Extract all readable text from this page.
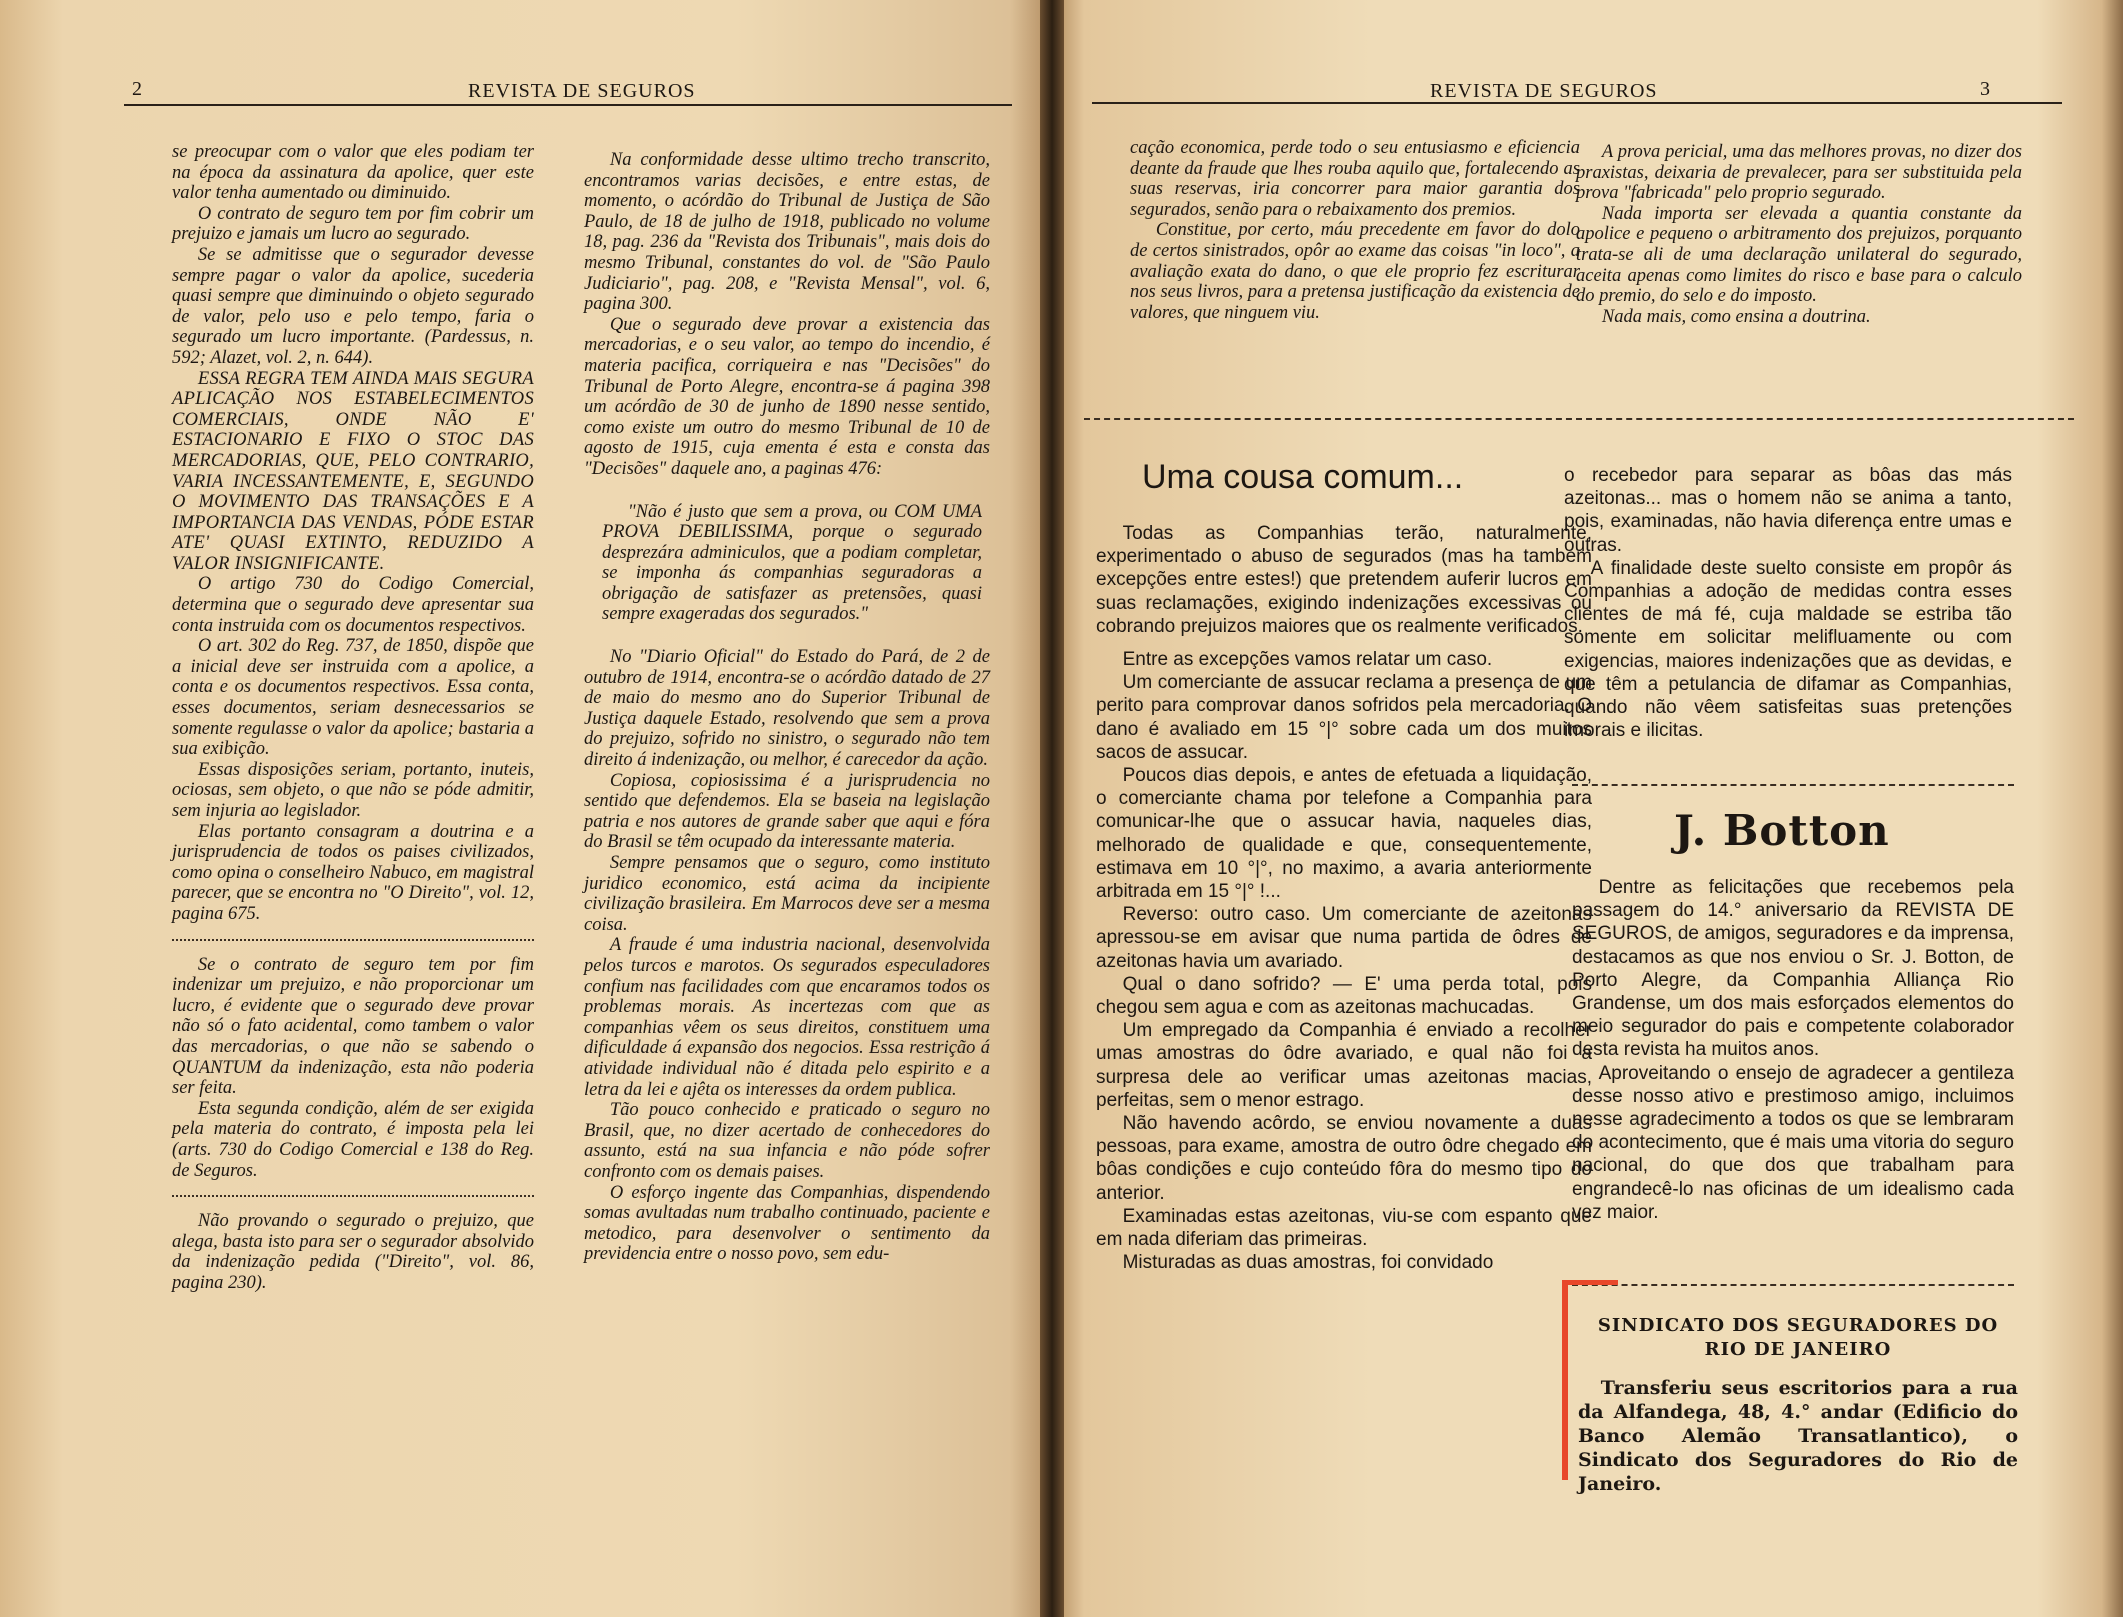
2	REVISTA DE SEGUROS

se preocupar com o valor que eles podiam ter na época da assinatura da apolice, quer este valor tenha aumentado ou diminuido.

O contrato de seguro tem por fim cobrir um prejuizo e jamais um lucro ao segurado.

Se se admitisse que o segurador devesse sempre pagar o valor da apolice, sucederia quasi sempre que diminuindo o objeto segurado de valor, pelo uso e pelo tempo, faria o segurado um lucro importante. (Pardessus, n. 592; Alazet, vol. 2, n. 644).

ESSA REGRA TEM AINDA MAIS SEGURA APLICAÇÃO NOS ESTABELECIMENTOS COMERCIAIS, ONDE NÃO E' ESTACIONARIO E FIXO O STOC DAS MERCADORIAS, QUE, PELO CONTRARIO, VARIA INCESSANTEMENTE, E, SEGUNDO O MOVIMENTO DAS TRANSAÇÕES E A IMPORTANCIA DAS VENDAS, PÓDE ESTAR ATE' QUASI EXTINTO, REDUZIDO A VALOR INSIGNIFICANTE.

O artigo 730 do Codigo Comercial, determina que o segurado deve apresentar sua conta instruida com os documentos respectivos.

O art. 302 do Reg. 737, de 1850, dispõe que a inicial deve ser instruida com a apolice, a conta e os documentos respectivos. Essa conta, esses documentos, seriam desnecessarios se somente regulasse o valor da apolice; bastaria a sua exibição.

Essas disposições seriam, portanto, inuteis, ociosas, sem objeto, o que não se póde admitir, sem injuria ao legislador.

Elas portanto consagram a doutrina e a jurisprudencia de todos os paises civilizados, como opina o conselheiro Nabuco, em magistral parecer, que se encontra no "O Direito", vol. 12, pagina 675.

Se o contrato de seguro tem por fim indenizar um prejuizo, e não proporcionar um lucro, é evidente que o segurado deve provar não só o fato acidental, como tambem o valor das mercadorias, o que não se sabendo o QUANTUM da indenização, esta não poderia ser feita.

Esta segunda condição, além de ser exigida pela materia do contrato, é imposta pela lei (arts. 730 do Codigo Comercial e 138 do Reg. de Seguros.

Não provando o segurado o prejuizo, que alega, basta isto para ser o segurador absolvido da indenização pedida ("Direito", vol. 86, pagina 230).

Na conformidade desse ultimo trecho transcrito, encontramos varias decisões, e entre estas, de momento, o acórdão do Tribunal de Justiça de São Paulo, de 18 de julho de 1918, publicado no volume 18, pag. 236 da "Revista dos Tribunais", mais dois do mesmo Tribunal, constantes do vol. de "São Paulo Judiciario", pag. 208, e "Revista Mensal", vol. 6, pagina 300.

Que o segurado deve provar a existencia das mercadorias, e o seu valor, ao tempo do incendio, é materia pacifica, corriqueira e nas "Decisões" do Tribunal de Porto Alegre, encontra-se á pagina 398 um acórdão de 30 de junho de 1890 nesse sentido, como existe um outro do mesmo Tribunal de 10 de agosto de 1915, cuja ementa é esta e consta das "Decisões" daquele ano, a paginas 476:

"Não é justo que sem a prova, ou COM UMA PROVA DEBILISSIMA, porque o segurado desprezára adminiculos, que a podiam completar, se imponha ás companhias seguradoras a obrigação de satisfazer as pretensões, quasi sempre exageradas dos segurados."

No "Diario Oficial" do Estado do Pará, de 2 de outubro de 1914, encontra-se o acórdão datado de 27 de maio do mesmo ano do Superior Tribunal de Justiça daquele Estado, resolvendo que sem a prova do prejuizo, sofrido no sinistro, o segurado não tem direito á indenização, ou melhor, é carecedor da ação.

Copiosa, copiosissima é a jurisprudencia no sentido que defendemos. Ela se baseia na legislação patria e nos autores de grande saber que aqui e fóra do Brasil se têm ocupado da interessante materia.

Sempre pensamos que o seguro, como instituto juridico economico, está acima da incipiente civilização brasileira. Em Marrocos deve ser a mesma coisa.

A fraude é uma industria nacional, desenvolvida pelos turcos e marotos. Os segurados especuladores confium nas facilidades com que encaramos todos os problemas morais. As incertezas com que as companhias vêem os seus direitos, constituem uma dificuldade á expansão dos negocios. Essa restrição á atividade individual não é ditada pelo espirito e a letra da lei e ajêta os interesses da ordem publica.

Tão pouco conhecido e praticado o seguro no Brasil, que, no dizer acertado de conhecedores do assunto, está na sua infancia e não póde sofrer confronto com os demais paises.

O esforço ingente das Companhias, dispendendo somas avultadas num trabalho continuado, paciente e metodico, para desenvolver o sentimento da previdencia entre o nosso povo, sem edu-

REVISTA DE SEGUROS	3

cação economica, perde todo o seu entusiasmo e eficiencia deante da fraude que lhes rouba aquilo que, fortalecendo as suas reservas, iria concorrer para maior garantia dos segurados, senão para o rebaixamento dos premios.

Constitue, por certo, máu precedente em favor do dolo de certos sinistrados, opôr ao exame das coisas "in loco", a avaliação exata do dano, o que ele proprio fez escriturar nos seus livros, para a pretensa justificação da existencia de valores, que ninguem viu.

A prova pericial, uma das melhores provas, no dizer dos praxistas, deixaria de prevalecer, para ser substituida pela prova "fabricada" pelo proprio segurado.

Nada importa ser elevada a quantia constante da apolice e pequeno o arbitramento dos prejuizos, porquanto trata-se ali de uma declaração unilateral do segurado, aceita apenas como limites do risco e base para o calculo do premio, do selo e do imposto.

Nada mais, como ensina a doutrina.

Uma cousa comum...

Todas as Companhias terão, naturalmente, experimentado o abuso de segurados (mas ha tambem excepções entre estes!) que pretendem auferir lucros em suas reclamações, exigindo indenizações excessivas ou cobrando prejuizos maiores que os realmente verificados.

Entre as excepções vamos relatar um caso.

Um comerciante de assucar reclama a presença de um perito para comprovar danos sofridos pela mercadoria. O dano é avaliado em 15 °|° sobre cada um dos muitos sacos de assucar.

Poucos dias depois, e antes de efetuada a liquidação, o comerciante chama por telefone a Companhia para comunicar-lhe que o assucar havia, naqueles dias, melhorado de qualidade e que, consequentemente, estimava em 10 °|°, no maximo, a avaria anteriormente arbitrada em 15 °|° !...

Reverso: outro caso. Um comerciante de azeitonas apressou-se em avisar que numa partida de ôdres de azeitonas havia um avariado.

Qual o dano sofrido? — E' uma perda total, pois chegou sem agua e com as azeitonas machucadas.

Um empregado da Companhia é enviado a recolher umas amostras do ôdre avariado, e qual não foi a surpresa dele ao verificar umas azeitonas macias, perfeitas, sem o menor estrago.

Não havendo acôrdo, se enviou novamente a duas pessoas, para exame, amostra de outro ôdre chegado em bôas condições e cujo conteúdo fôra do mesmo tipo do anterior.

Examinadas estas azeitonas, viu-se com espanto que em nada diferiam das primeiras.

Misturadas as duas amostras, foi convidado

o recebedor para separar as bôas das más azeitonas... mas o homem não se anima a tanto, pois, examinadas, não havia diferença entre umas e outras.

A finalidade deste suelto consiste em propôr ás Companhias a adoção de medidas contra esses clientes de má fé, cuja maldade se estriba tão somente em solicitar melifluamente ou com exigencias, maiores indenizações que as devidas, e que têm a petulancia de difamar as Companhias, quando não vêem satisfeitas suas pretenções imorais e ilicitas.

J. Botton

Dentre as felicitações que recebemos pela passagem do 14.° aniversario da REVISTA DE SEGUROS, de amigos, seguradores e da imprensa, destacamos as que nos enviou o Sr. J. Botton, de Porto Alegre, da Companhia Alliança Rio Grandense, um dos mais esforçados elementos do meio segurador do pais e competente colaborador desta revista ha muitos anos.

Aproveitando o ensejo de agradecer a gentileza desse nosso ativo e prestimoso amigo, incluimos nesse agradecimento a todos os que se lembraram do acontecimento, que é mais uma vitoria do seguro nacional, do que dos que trabalham para engrandecê-lo nas oficinas de um idealismo cada vez maior.

SINDICATO DOS SEGURADORES DO RIO DE JANEIRO
Transferiu seus escritorios para a rua da Alfandega, 48, 4.° andar (Edificio do Banco Alemão Transatlantico), o Sindicato dos Seguradores do Rio de Janeiro.
